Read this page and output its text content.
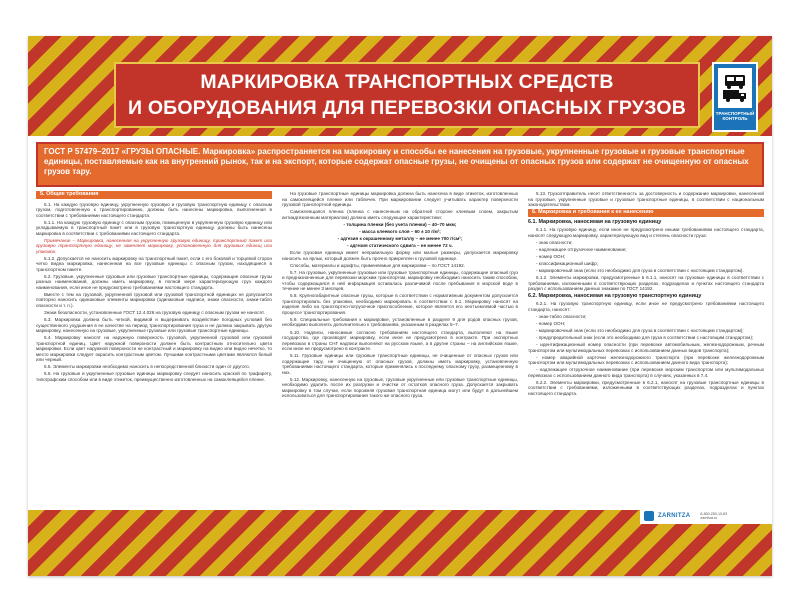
МАРКИРОВКА ТРАНСПОРТНЫХ СРЕДСТВ
И ОБОРУДОВАНИЯ ДЛЯ ПЕРЕВОЗКИ ОПАСНЫХ ГРУЗОВ	ТРАНСПОРТНЫЙ
КОНТРОЛЬ
ГОСТ Р 57479–2017 «ГРУЗЫ ОПАСНЫЕ. Маркировка» распространяется на маркировку и способы ее нанесения на грузовые, укрупненные грузовые и грузовые транспортные единицы, поставляемые как на внутренний рынок, так и на экспорт, которые содержат опасные грузы, не очищены от опасных грузов или содержат не очищенную от опасных грузов тару.
5. Общие требования

5.1. На каждую грузовую единицу, укрупненную грузовую и грузовую транспортную единицу с опасным грузом, подготовленную к транспортированию, должны быть нанесены маркировка, выполненная в соответствии с требованиями настоящего стандарта.

5.1.1. На каждую грузовую единицу с опасным грузом, помещенную в укрупненную грузовую единицу или укладываемую в транспортный пакет или в грузовую транспортную единицу, должны быть нанесены маркировка в соответствии с требованиями настоящего стандарта.

Примечание – Маркировка, нанесенная на укрупненную грузовую единицу, транспортный пакет или грузовую транспортную единицу, не заменяет маркировку, установленную для грузовых единиц или упаковок.

5.1.2. Допускается не наносить маркировку на транспортный пакет, если с его боковой и торцевой сторон четко видна маркировка, нанесенная на все грузовые единицы с опасным грузом, находящиеся в транспортном пакете.

5.2. Грузовые, укрупненные грузовые или грузовые транспортные единицы, содержащие опасные грузы разных наименований, должны иметь маркировку, в полной мере характеризующую груз каждого наименования, если иное не предусмотрено требованиями настоящего стандарта.

Вместе с тем на грузовой, укрупненной грузовой или грузовой транспортной единицах не допускается повторно наносить одинаковые элементы маркировки (одинаковые надписи, знаки опасности, знаки-табло опасности и т. п.).

Знаки безопасности, установленные ГОСТ 12.4.026 на грузовую единицу с опасным грузом не наносят.

5.3. Маркировка должна быть четкой, видимой и выдерживать воздействие погодных условий без существенного ухудшения в ее качестве на период транспортирования груза и не должна закрывать другую маркировку, нанесенную на грузовые, укрупненные грузовые или грузовые транспортные единицы.

5.4. Маркировку наносят на наружную поверхность грузовой, укрупненной грузовой или грузовой транспортной единиц. Цвет наружной поверхности должен быть контрастным относительно цвета маркировки. Если цвет наружной поверхности не контрастный и маркировку на видно или видно нечетко, то место маркировки следует окрасить контрастным цветом. Лучшими контрастными цветами являются белый или черный.

5.5. Элементы маркировки необходимо наносить в непосредственной близости один от другого.

5.6. На грузовые и укрупненные грузовые единицы маркировку следует наносить краской по трафарету, типографским способом или в виде этикеток, преимущественно изготовленных на самоклеящейся пленке.

На грузовые транспортные единицы маркировка должна быть нанесена в виде этикеток, изготовленных на самоклеящейся пленке или табличек. При маркировании следует учитывать характер поверхности грузовой транспортной единицы.

Самоклеящаяся пленка (пленка с нанесенным на обратной стороне клеевым слоем, закрытым антиадгезионным материалом) должна иметь следующие характеристики:

- толщина пленки (без учета пленки) – 40–70 мкм;

- масса клеевого слоя – 60 ± 10 г/м²;

- адгезия к окрашенному металлу – не менее 700 г/см²;

- адгезия статического сдвига – не менее 72 ч.

Если грузовая единица имеет неправильную форму или малые размеры, допускается маркировку наносить на ярлык, который должен быть прочно прикреплен к грузовой единице.

Способы, материалы и шрифты, применяемые для маркировки – по ГОСТ 14192.

5.7. На грузовые, укрупненные грузовые или грузовые транспортные единицы, содержащие опасный груз и предназначенные для перевозки морским транспортом, маркировку необходимо наносить таким способом, чтобы содержащаяся в ней информация оставалась различимой после пребывания в морской воде в течение не менее 3 месяцев.

5.8. Крупногабаритные опасные грузы, которые в соответствии с нормативным документом допускается транспортировать без упаковки, необходимо маркировать в соответствии с 6.1. Маркировку наносят на изделие либо на транспортно-погрузочное приспособление, которое является его неотъемлемой частью в процессе транспортирования.

5.9. Специальные требования к маркировке, установленные в разделе 9 для родов опасных грузов, необходимо выполнять дополнительно к требованиям, указанным в разделах 5–7.

5.10. Надписи, наносимые согласно требованиям настоящего стандарта, выполняют на языке государства, где производят маркировку, если иное не предусмотрено в контракте. При экспортных перевозках в страны СНГ надписи выполняют на русском языке, а в другие страны – на английском языке, если иное не предусмотрено в контракте.

5.11. Грузовые единицы или грузовые транспортные единицы, не очищенные от опасных грузов или содержащие тару, не очищенную от опасных грузов, должны иметь маркировку, установленную требованиями настоящего стандарта, которые применялись к последнему опасному грузу, размещенному в них.

5.12. Маркировку, нанесенную на грузовые, грузовые укрупненные или грузовые транспортные единицы, необходимо удалить после их разгрузки и очистки от остатков опасного груза. Допускается закрывать маркировку в том случае, если порожняя грузовая транспортная единица могут или будут в дальнейшем использоваться для транспортирования такого же опасного груза.

5.13. Грузоотправитель несет ответственность за достоверность и содержание маркировки, нанесенной на грузовые, укрупненные грузовые и грузовые транспортные единицы, в соответствии с национальным законодательством.

6. Маркировка и требования к ее нанесению
6.1. Маркировка, наносимая на грузовую единицу

6.1.1. На грузовую единицу, если иное не предусмотрено иными требованиями настоящего стандарта, наносят следующую маркировку, характеризующую вид и степень опасности груза:

- знак опасности;

- надлежащее отгрузочное наименование;

- номер ООН;

- классификационный шифр;

- маркировочный знак (если это необходимо для груза в соответствии с настоящим стандартом).

6.1.2. Элементы маркировки, предусмотренные в 6.1.1, наносят на грузовые единицы в соответствии с требованиями, изложенными в соответствующих разделах, подразделах и пунктах настоящего стандарта раздел с использованием данных знаками по ГОСТ 14192.

6.2. Маркировка, наносимая на грузовую транспортную единицу

6.2.1. На грузовую транспортную единицу, если иное не предусмотрено требованиями настоящего стандарта, наносят:

- знак-табло опасности;

- номер ООН;

- маркировочный знак (если это необходимо для груза в соответствии с настоящим стандартом);

- предупредительный знак (если это необходимо для груза в соответствии с настоящим стандартом);

- идентификационный номер опасности (при перевозке автомобильным, железнодорожным, речным транспортом или мультимодальных перевозках с использованием данных видов транспорта);

- номер аварийной карточки железнодорожного транспорта (при перевозке железнодорожным транспортом или мультимодальных перевозках с использованием данного вида транспорта);

- надлежащее отгрузочное наименование (при перевозке морским транспортом или мультимодальных перевозках с использованием данного вида транспорта) в случаях, указанных в 7.4.

6.2.2. Элементы маркировки, предусмотренные в 6.2.1, наносят на грузовые транспортные единицы в соответствии с требованиями, изложенными в соответствующих разделах, подразделах и пунктах настоящего стандарта.

ZARNITZA	8-800-250-10-83
zarnitza.ru
